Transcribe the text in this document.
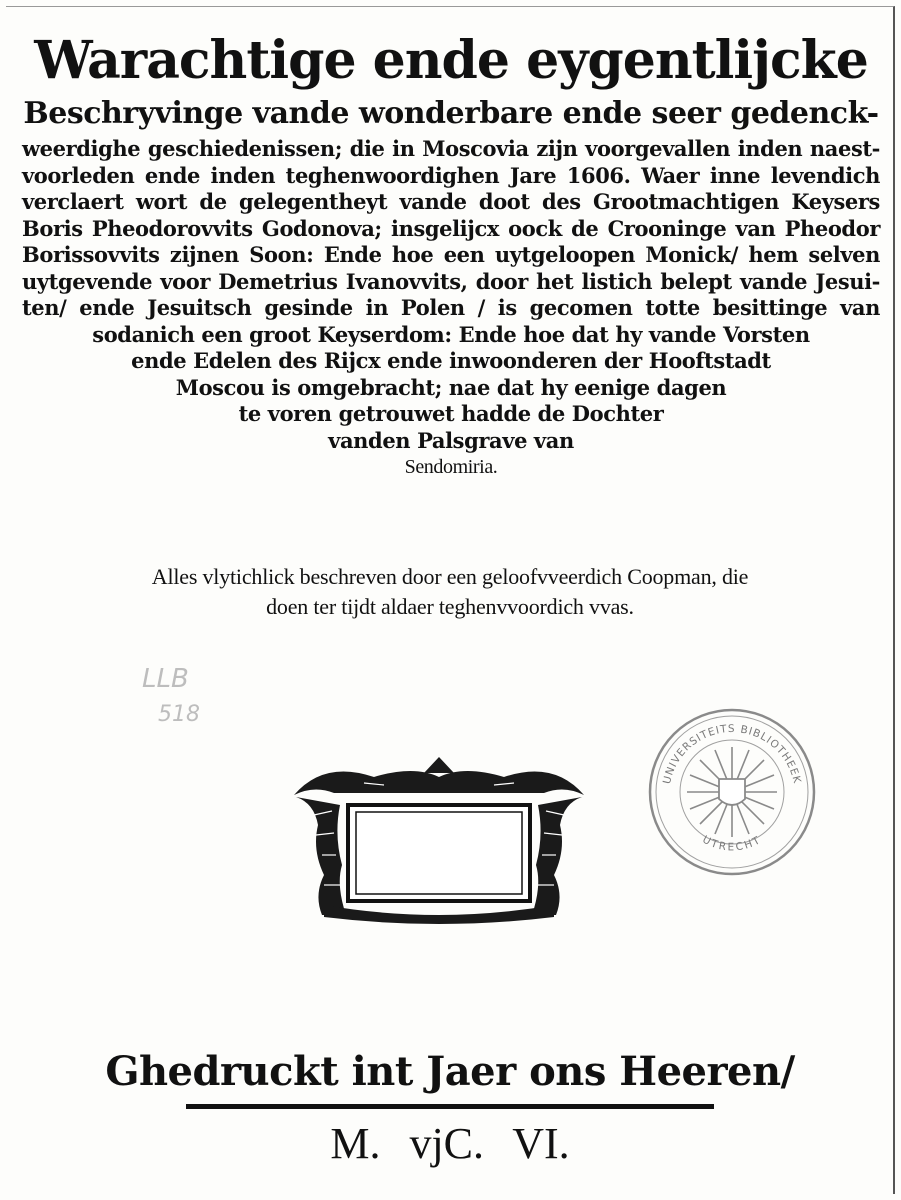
Warachtige ende eygentlijcke

Beschryvinge vande wonderbare ende seer gedenck-

weerdighe geschiedenissen; die in Moscovia zijn voorgevallen inden naest-

voorleden ende inden teghenwoordighen Jare 1606. Waer inne levendich

verclaert wort de gelegentheyt vande doot des Grootmachtigen Keysers

Boris Pheodorovvits Godonova; insgelijcx oock de Crooninge van Pheodor

Borissovvits zijnen Soon: Ende hoe een uytgeloopen Monick/ hem selven

uytgevende voor Demetrius Ivanovvits, door het listich belept vande Jesui-

ten/ ende Jesuitsch gesinde in Polen / is gecomen totte besittinge van

sodanich een groot Keyserdom: Ende hoe dat hy vande Vorsten

ende Edelen des Rijcx ende inwoonderen der Hooftstadt

Moscou is omgebracht; nae dat hy eenige dagen

te voren getrouwet hadde de Dochter

vanden Palsgrave van

Sendomiria.

Alles vlytichlick beschreven door een geloofvveerdich Coopman, die

doen ter tijdt aldaer teghenvvoordich vvas.

LLB
518
UNIVERSITEITS BIBLIOTHEEK
UTRECHT

Ghedruckt int Jaer ons Heeren/

M. vjC. VI.
